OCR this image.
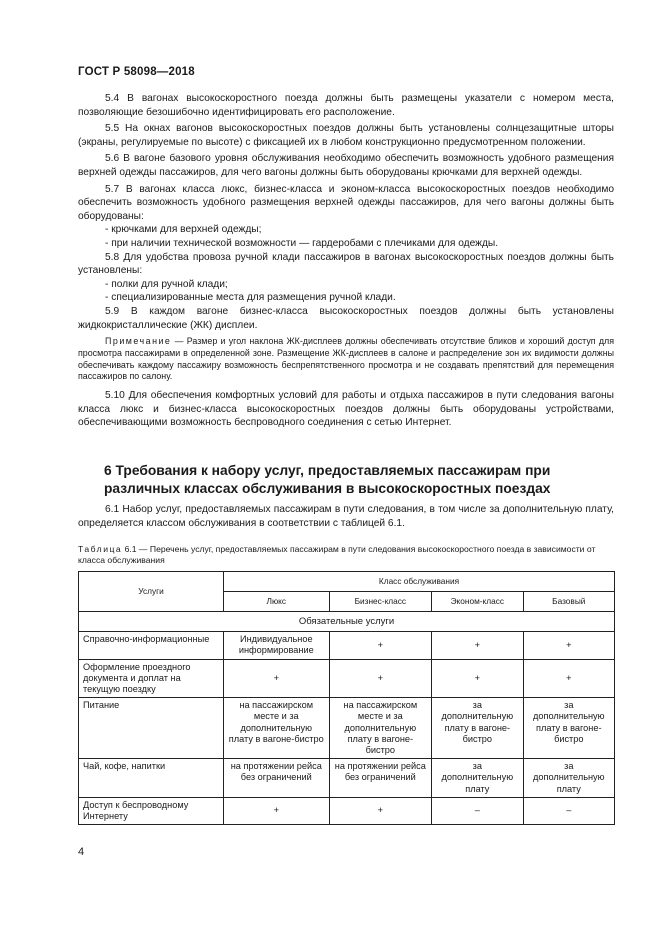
ГОСТ Р 58098—2018

5.4 В вагонах высокоскоростного поезда должны быть размещены указатели с номером места, позволяющие безошибочно идентифицировать его расположение.

5.5 На окнах вагонов высокоскоростных поездов должны быть установлены солнцезащитные шторы (экраны, регулируемые по высоте) с фиксацией их в любом конструкционно предусмотренном положении.

5.6 В вагоне базового уровня обслуживания необходимо обеспечить возможность удобного размещения верхней одежды пассажиров, для чего вагоны должны быть оборудованы крючками для верхней одежды.

5.7 В вагонах класса люкс, бизнес-класса и эконом-класса высокоскоростных поездов необходимо обеспечить возможность удобного размещения верхней одежды пассажиров, для чего вагоны должны быть оборудованы:

- крючками для верхней одежды;

- при наличии технической возможности — гардеробами с плечиками для одежды.

5.8 Для удобства провоза ручной клади пассажиров в вагонах высокоскоростных поездов должны быть установлены:

- полки для ручной клади;

- специализированные места для размещения ручной клади.

5.9 В каждом вагоне бизнес-класса высокоскоростных поездов должны быть установлены жидкокристаллические (ЖК) дисплеи.

Примечание — Размер и угол наклона ЖК-дисплеев должны обеспечивать отсутствие бликов и хороший доступ для просмотра пассажирами в определенной зоне. Размещение ЖК-дисплеев в салоне и распределение зон их видимости должны обеспечивать каждому пассажиру возможность беспрепятственного просмотра и не создавать препятствий для перемещения пассажиров по салону.

5.10 Для обеспечения комфортных условий для работы и отдыха пассажиров в пути следования вагоны класса люкс и бизнес-класса высокоскоростных поездов должны быть оборудованы устройствами, обеспечивающими возможность беспроводного соединения с сетью Интернет.

6 Требования к набору услуг, предоставляемых пассажирам при различных классах обслуживания в высокоскоростных поездах

6.1 Набор услуг, предоставляемых пассажирам в пути следования, в том числе за дополнительную плату, определяется классом обслуживания в соответствии с таблицей 6.1.

Таблица 6.1 — Перечень услуг, предоставляемых пассажирам в пути следования высокоскоростного поезда в зависимости от класса обслуживания

Услуги	Класс обслуживания			
	Люкс	Бизнес-класс	Эконом-класс	Базовый
Обязательные услуги				
Справочно-информационные	Индивидуальное информирование	+	+	+
Оформление проездного документа и доплат на текущую поездку	+	+	+	+
Питание	на пассажирском месте и за дополнительную плату в вагоне-бистро	на пассажирском месте и за дополнительную плату в вагоне-бистро	за дополнительную плату в вагоне-бистро	за дополнительную плату в вагоне-бистро
Чай, кофе, напитки	на протяжении рейса без ограничений	на протяжении рейса без ограничений	за дополнительную плату	за дополнительную плату
Доступ к беспроводному Интернету	+	+	–	–
4
